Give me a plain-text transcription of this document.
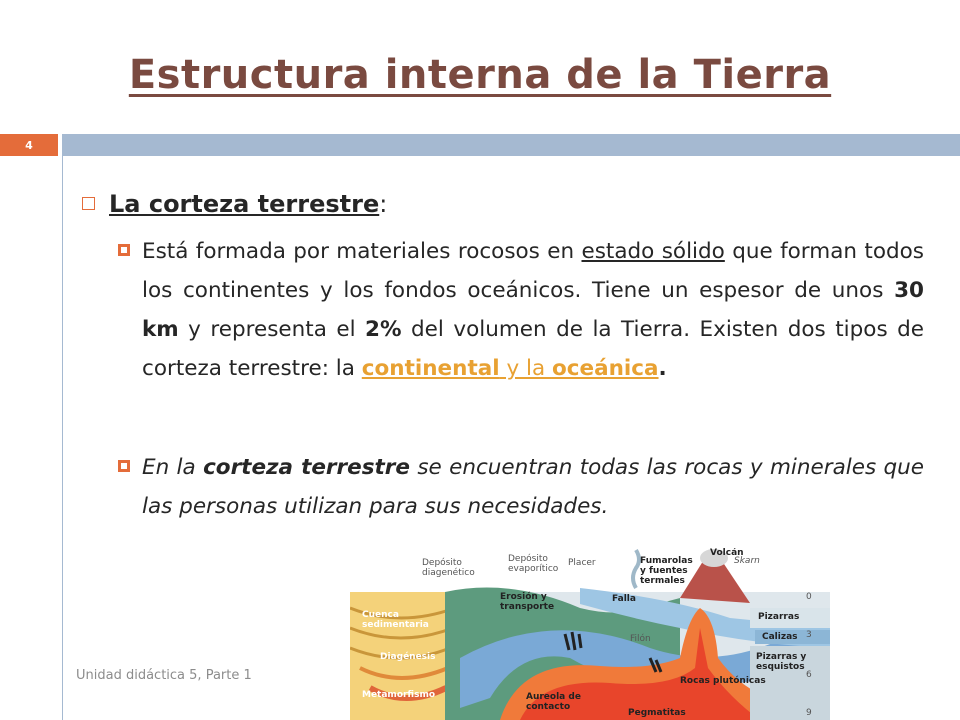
Estructura interna de la Tierra
4
La corteza terrestre:
Está formada por materiales rocosos en estado sólido que forman todos los continentes y los fondos oceánicos. Tiene un espesor de unos 30 km y representa el 2% del volumen de la Tierra. Existen dos tipos de corteza terrestre: la continental y la oceánica.
En la corteza terrestre se encuentran todas las rocas y minerales que las personas utilizan para sus necesidades.
Unidad didáctica 5, Parte 1
Depósito diagenético
Depósito evaporítico
Placer	Fumarolas y fuentes termales
Volcán
Skarn
Erosión y transporte
Falla
Cuenca sedimentaria
Filón
Pizarras
Calizas
Diagénesis	Pizarras y esquistos
Metamorfismo	Aureola de contacto
Pegmatitas
Rocas plutónicas
0
3
6
9
